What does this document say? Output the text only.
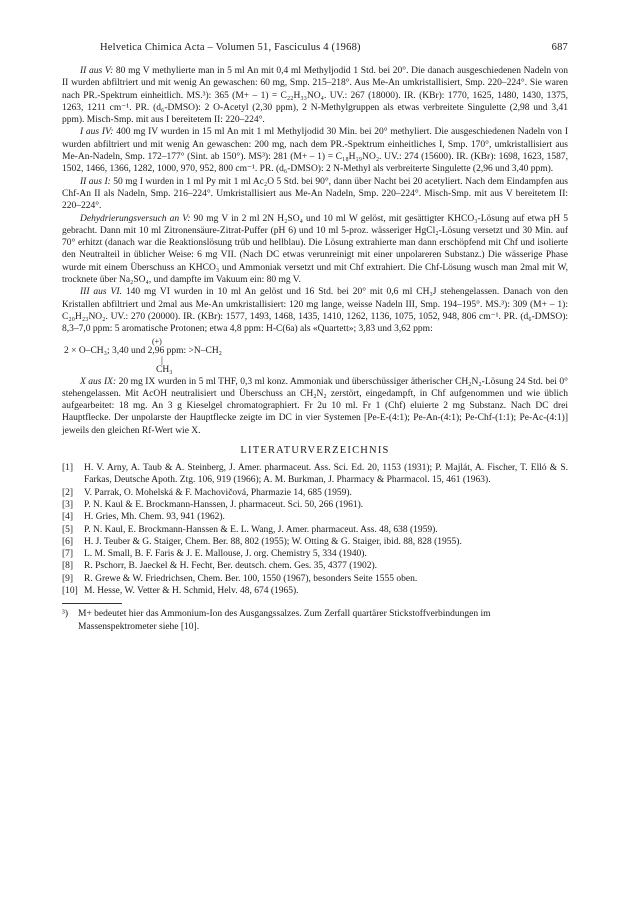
Helvetica Chimica Acta – Volumen 51, Fasciculus 4 (1968)	687

II aus V: 80 mg V methylierte man in 5 ml An mit 0,4 ml Methyljodid 1 Std. bei 20°. Die danach ausgeschiedenen Nadeln von II wurden abfiltriert und mit wenig An gewaschen: 60 mg, Smp. 215–218°. Aus Me-An umkristallisiert, Smp. 220–224°. Sie waren nach PR.-Spektrum einheitlich. MS.³): 365 (M+ – 1) = C₂₂H₃₃NO₄. UV.: 267 (18000). IR. (KBr): 1770, 1625, 1480, 1430, 1375, 1263, 1211 cm⁻¹. PR. (d₆-DMSO): 2 O-Acetyl (2,30 ppm), 2 N-Methylgruppen als etwas verbreitete Singulette (2,98 und 3,41 ppm). Misch-Smp. mit aus I bereitetem II: 220–224°.

I aus IV: 400 mg IV wurden in 15 ml An mit 1 ml Methyljodid 30 Min. bei 20° methyliert. Die ausgeschiedenen Nadeln von I wurden abfiltriert und mit wenig An gewaschen: 200 mg, nach dem PR.-Spektrum einheitliches I, Smp. 170°, umkristallisiert aus Me-An-Nadeln, Smp. 172–177° (Sint. ab 150°). MS³): 281 (M+ – 1) = C₁₈H₁₉NO₂. UV.: 274 (15600). IR. (KBr): 1698, 1623, 1587, 1502, 1466, 1366, 1282, 1000, 970, 952, 800 cm⁻¹. PR. (d₆-DMSO): 2 N-Methyl als verbreiterte Singulette (2,96 und 3,40 ppm).

II aus I: 50 mg I wurden in 1 ml Py mit 1 ml Ac₂O 5 Std. bei 90°, dann über Nacht bei 20 acetyliert. Nach dem Eindampfen aus Chf-An II als Nadeln, Smp. 216–224°. Umkristallisiert aus Me-An Nadeln, Smp. 220–224°. Misch-Smp. mit aus V bereitetem II: 220–224°.

Dehydrierungsversuch an V: 90 mg V in 2 ml 2N H₂SO₄ und 10 ml W gelöst, mit gesättigter KHCO₃-Lösung auf etwa pH 5 gebracht. Dann mit 10 ml Zitronensäure-Zitrat-Puffer (pH 6) und 10 ml 5-proz. wässeriger HgCl₂-Lösung versetzt und 30 Min. auf 70° erhitzt (danach war die Reaktionslösung trüb und hellblau). Die Lösung extrahierte man dann erschöpfend mit Chf und isolierte den Neutralteil in üblicher Weise: 6 mg VII. (Nach DC etwas verunreinigt mit einer unpolareren Substanz.) Die wässerige Phase wurde mit einem Überschuss an KHCO₃ und Ammoniak versetzt und mit Chf extrahiert. Die Chf-Lösung wusch man 2mal mit W, trocknete über Na₂SO₄, und dampfte im Vakuum ein: 80 mg V.

III aus VI. 140 mg VI wurden in 10 ml An gelöst und 16 Std. bei 20° mit 0,6 ml CH₃J stehengelassen. Danach von den Kristallen abfiltriert und 2mal aus Me-An umkristallisiert: 120 mg lange, weisse Nadeln III, Smp. 194–195°. MS.³): 309 (M+ – 1): C₂₀H₂₃NO₂. UV.: 270 (20000). IR. (KBr): 1577, 1493, 1468, 1435, 1410, 1262, 1136, 1075, 1052, 948, 806 cm⁻¹. PR. (d₆-DMSO): 8,3–7,0 ppm: 5 aromatische Protonen; etwa 4,8 ppm: H-C(6a) als «Quartett»; 3,83 und 3,62 ppm:

(+)
2 × O–CH₃; 3,40 und 2,96 ppm: >N–CH₂
|
CH₃

X aus IX: 20 mg IX wurden in 5 ml THF, 0,3 ml konz. Ammoniak und überschüssiger ätherischer CH₂N₂-Lösung 24 Std. bei 0° stehengelassen. Mit AcOH neutralisiert und Überschuss an CH₂N₂ zerstört, eingedampft, in Chf aufgenommen und wie üblich aufgearbeitet: 18 mg. An 3 g Kieselgel chromatographiert. Fr 2u 10 ml. Fr 1 (Chf) eluierte 2 mg Substanz. Nach DC drei Hauptflecke. Der unpolarste der Hauptflecke zeigte im DC in vier Systemen [Pe-E-(4:1); Pe-An-(4:1); Pe-Chf-(1:1); Pe-Ac-(4:1)] jeweils den gleichen Rf-Wert wie X.

LITERATURVERZEICHNIS
[1]	H. V. Arny, A. Taub & A. Steinberg, J. Amer. pharmaceut. Ass. Sci. Ed. 20, 1153 (1931); P. Majlát, A. Fischer, T. Elló & S. Farkas, Deutsche Apoth. Ztg. 106, 919 (1966); A. M. Burkman, J. Pharmacy & Pharmacol. 15, 461 (1963).
[2]	V. Parrak, O. Mohelská & F. Machovičová, Pharmazie 14, 685 (1959).
[3]	P. N. Kaul & E. Brockmann-Hanssen, J. pharmaceut. Sci. 50, 266 (1961).
[4]	H. Gries, Mh. Chem. 93, 941 (1962).
[5]	P. N. Kaul, E. Brockmann-Hanssen & E. L. Wang, J. Amer. pharmaceut. Ass. 48, 638 (1959).
[6]	H. J. Teuber & G. Staiger, Chem. Ber. 88, 802 (1955); W. Otting & G. Staiger, ibid. 88, 828 (1955).
[7]	L. M. Small, B. F. Faris & J. E. Mallouse, J. org. Chemistry 5, 334 (1940).
[8]	R. Pschorr, B. Jaeckel & H. Fecht, Ber. deutsch. chem. Ges. 35, 4377 (1902).
[9]	R. Grewe & W. Friedrichsen, Chem. Ber. 100, 1550 (1967), besonders Seite 1555 oben.
[10] M. Hesse, W. Vetter & H. Schmid, Helv. 48, 674 (1965).
³)	M+ bedeutet hier das Ammonium-Ion des Ausgangssalzes. Zum Zerfall quartärer Stickstoffverbindungen im Massenspektrometer siehe [10].
